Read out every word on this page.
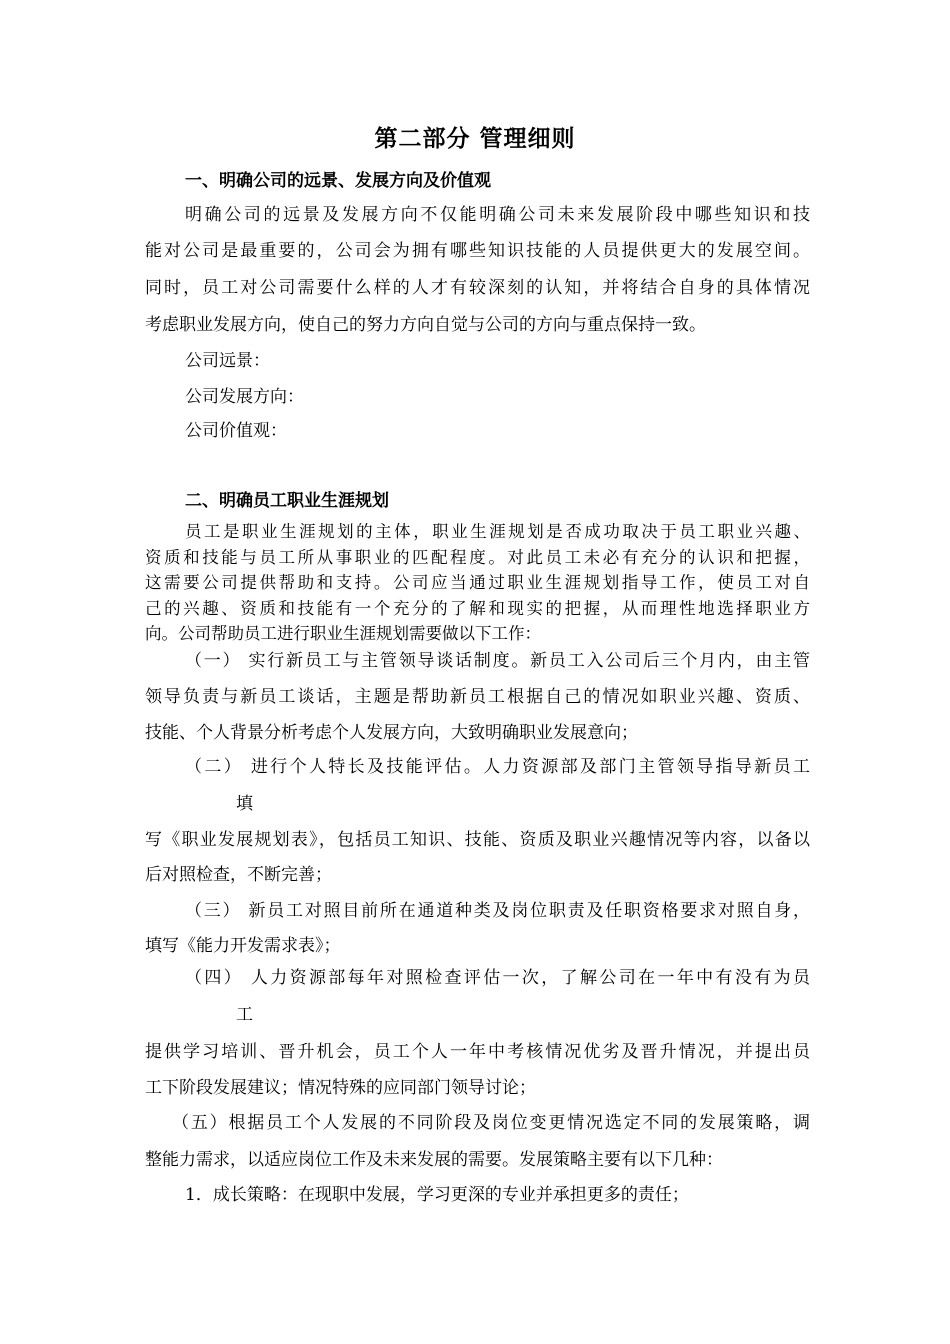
第二部分 管理细则
一、明确公司的远景、发展方向及价值观
明确公司的远景及发展方向不仅能明确公司未来发展阶段中哪些知识和技
能对公司是最重要的，公司会为拥有哪些知识技能的人员提供更大的发展空间。
同时，员工对公司需要什么样的人才有较深刻的认知，并将结合自身的具体情况
考虑职业发展方向，使自己的努力方向自觉与公司的方向与重点保持一致。
公司远景：
公司发展方向：
公司价值观：
二、明确员工职业生涯规划
员工是职业生涯规划的主体，职业生涯规划是否成功取决于员工职业兴趣、
资质和技能与员工所从事职业的匹配程度。对此员工未必有充分的认识和把握，
这需要公司提供帮助和支持。公司应当通过职业生涯规划指导工作，使员工对自
己的兴趣、资质和技能有一个充分的了解和现实的把握，从而理性地选择职业方
向。公司帮助员工进行职业生涯规划需要做以下工作：
（一） 实行新员工与主管领导谈话制度。新员工入公司后三个月内，由主管
领导负责与新员工谈话，主题是帮助新员工根据自己的情况如职业兴趣、资质、
技能、个人背景分析考虑个人发展方向，大致明确职业发展意向；
（二） 进行个人特长及技能评估。人力资源部及部门主管领导指导新员工
填
写《职业发展规划表》，包括员工知识、技能、资质及职业兴趣情况等内容，以备以
后对照检查，不断完善；
（三） 新员工对照目前所在通道种类及岗位职责及任职资格要求对照自身，
填写《能力开发需求表》；
（四） 人力资源部每年对照检查评估一次，了解公司在一年中有没有为员
工
提供学习培训、晋升机会，员工个人一年中考核情况优劣及晋升情况，并提出员
工下阶段发展建议；情况特殊的应同部门领导讨论；
（五）根据员工个人发展的不同阶段及岗位变更情况选定不同的发展策略，调
整能力需求，以适应岗位工作及未来发展的需要。发展策略主要有以下几种：
1．成长策略：在现职中发展，学习更深的专业并承担更多的责任；
